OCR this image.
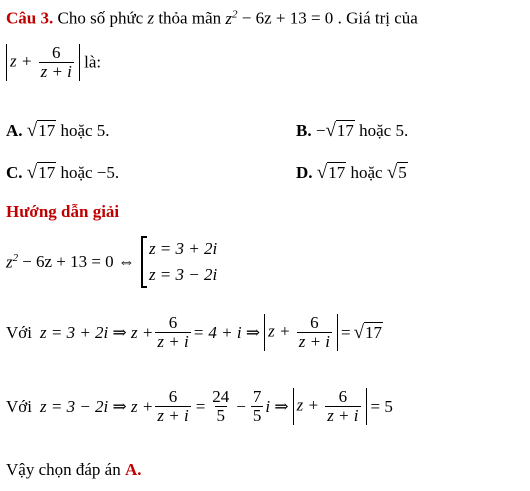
Câu 3. Cho số phức z thỏa mãn $z^2 - 6z + 13 = 0$ . Giá trị của
$z + \frac{6}{z + i}$ là:
A. √17 hoặc 5.	B. −√17 hoặc 5.
C. √17 hoặc −5.	D. √17 hoặc √5
Hướng dẫn giải
$z^2 - 6z + 13 = 0$ ⇔
z = 3 + 2i
z = 3 − 2i
Với z = 3 + 2i ⇒ $z + \frac{6}{z + i} = 4 + i$ ⇒ $z + \frac{6}{z + i} = √17$
Với z = 3 − 2i ⇒ $z + \frac{6}{z + i} = \frac{24}{5} - \frac{7}{5}$ i ⇒ $z + \frac{6}{z + i} = 5$
Vậy chọn đáp án A.
